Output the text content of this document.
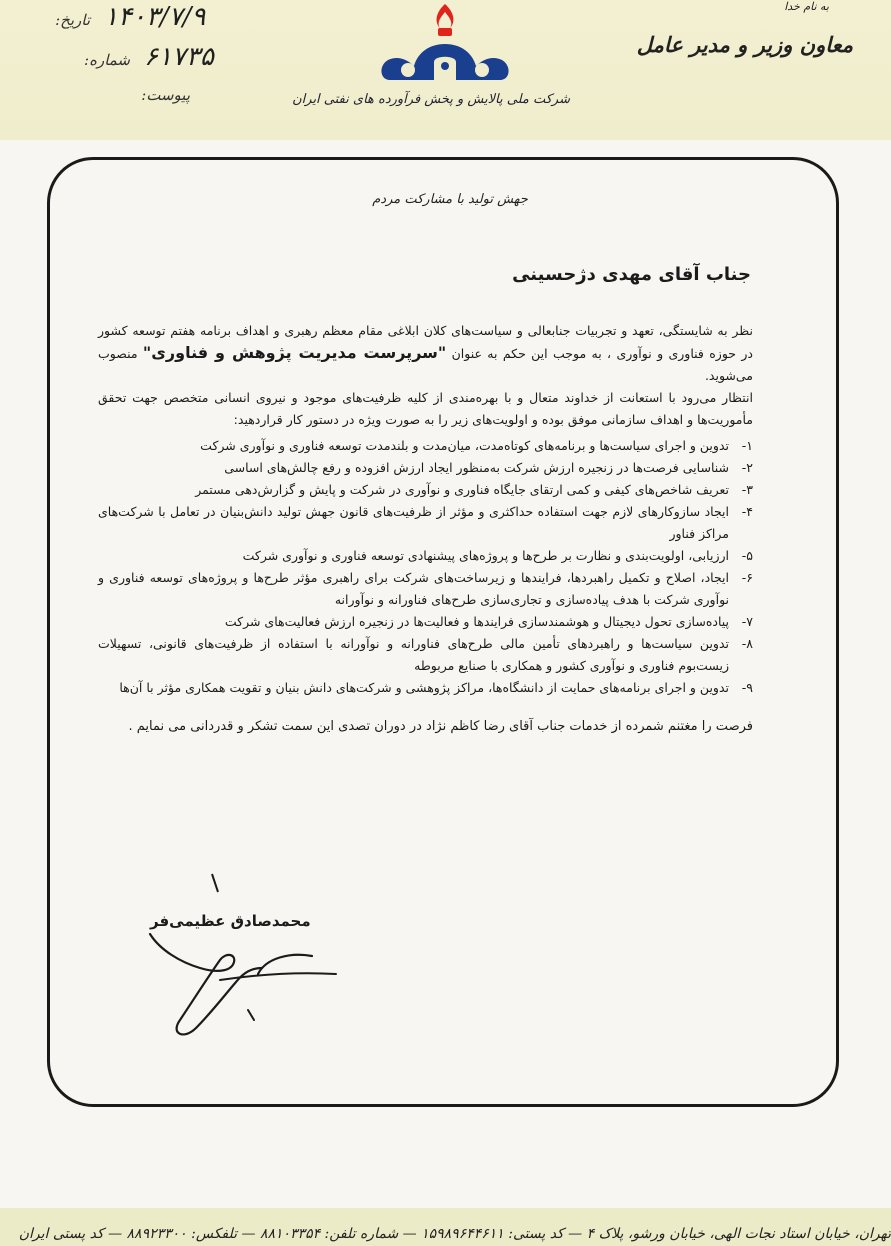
به نام خدا
معاون وزیر و مدیر عامل
تاریخ: ۱۴۰۳/۷/۹
شماره: ۶۱۷۳۵
پیوست:	شرکت ملی پالایش و پخش فرآورده های نفتی ایران
جهش تولید با مشارکت مردم
جناب آقای مهدی دژحسینی

نظر به شایستگی، تعهد و تجربیات جنابعالی و سیاست‌های کلان ابلاغی مقام معظم رهبری و اهداف برنامه هفتم توسعه کشور در حوزه فناوری و نوآوری ، به موجب این حکم به عنوان "سرپرست مدیریت پژوهش و فناوری" منصوب می‌شوید.

انتظار می‌رود با استعانت از خداوند متعال و با بهره‌مندی از کلیه ظرفیت‌های موجود و نیروی انسانی متخصص جهت تحقق مأموریت‌ها و اهداف سازمانی موفق بوده و اولویت‌های زیر را به صورت ویژه در دستور کار قراردهید:

۱-
تدوین و اجرای سیاست‌ها و برنامه‌های کوتاه‌مدت، میان‌مدت و بلندمدت توسعه فناوری و نوآوری شرکت
۲-
شناسایی فرصت‌ها در زنجیره ارزش شرکت به‌منظور ایجاد ارزش افزوده و رفع چالش‌های اساسی
۳-
تعریف شاخص‌های کیفی و کمی ارتقای جایگاه فناوری و نوآوری در شرکت و پایش و گزارش‌دهی مستمر
۴-
ایجاد سازوکارهای لازم جهت استفاده حداکثری و مؤثر از ظرفیت‌های قانون جهش تولید دانش‌بنیان در تعامل با شرکت‌های مراکز فناور
۵-
ارزیابی، اولویت‌بندی و نظارت بر طرح‌ها و پروژه‌های پیشنهادی توسعه فناوری و نوآوری شرکت
۶-
ایجاد، اصلاح و تکمیل راهبردها، فرایندها و زیرساخت‌های شرکت برای راهبری مؤثر طرح‌ها و پروژه‌های توسعه فناوری و نوآوری شرکت با هدف پیاده‌سازی و تجاری‌سازی طرح‌های فناورانه و نوآورانه
۷-
پیاده‌سازی تحول دیجیتال و هوشمندسازی فرایندها و فعالیت‌ها در زنجیره ارزش فعالیت‌های شرکت
۸-
تدوین سیاست‌ها و راهبردهای تأمین مالی طرح‌های فناورانه و نوآورانه با استفاده از ظرفیت‌های قانونی، تسهیلات زیست‌بوم فناوری و نوآوری کشور و همکاری با صنایع مربوطه
۹-
تدوین و اجرای برنامه‌های حمایت از دانشگاه‌ها، مراکز پژوهشی و شرکت‌های دانش بنیان و تقویت همکاری مؤثر با آن‌ها

فرصت را مغتنم شمرده از خدمات جناب آقای رضا کاظم نژاد در دوران تصدی این سمت تشکر و قدردانی می نمایم .

محمدصادق عظیمی‌فر
تهران، خیابان استاد نجات الهی، خیابان ورشو، پلاک ۴ — کد پستی: ۱۵۹۸۹۶۴۴۶۱۱ — شماره تلفن: ۸۸۱۰۳۳۵۴ — تلفکس: ۸۸۹۲۳۳۰۰ — کد پستی ایران
